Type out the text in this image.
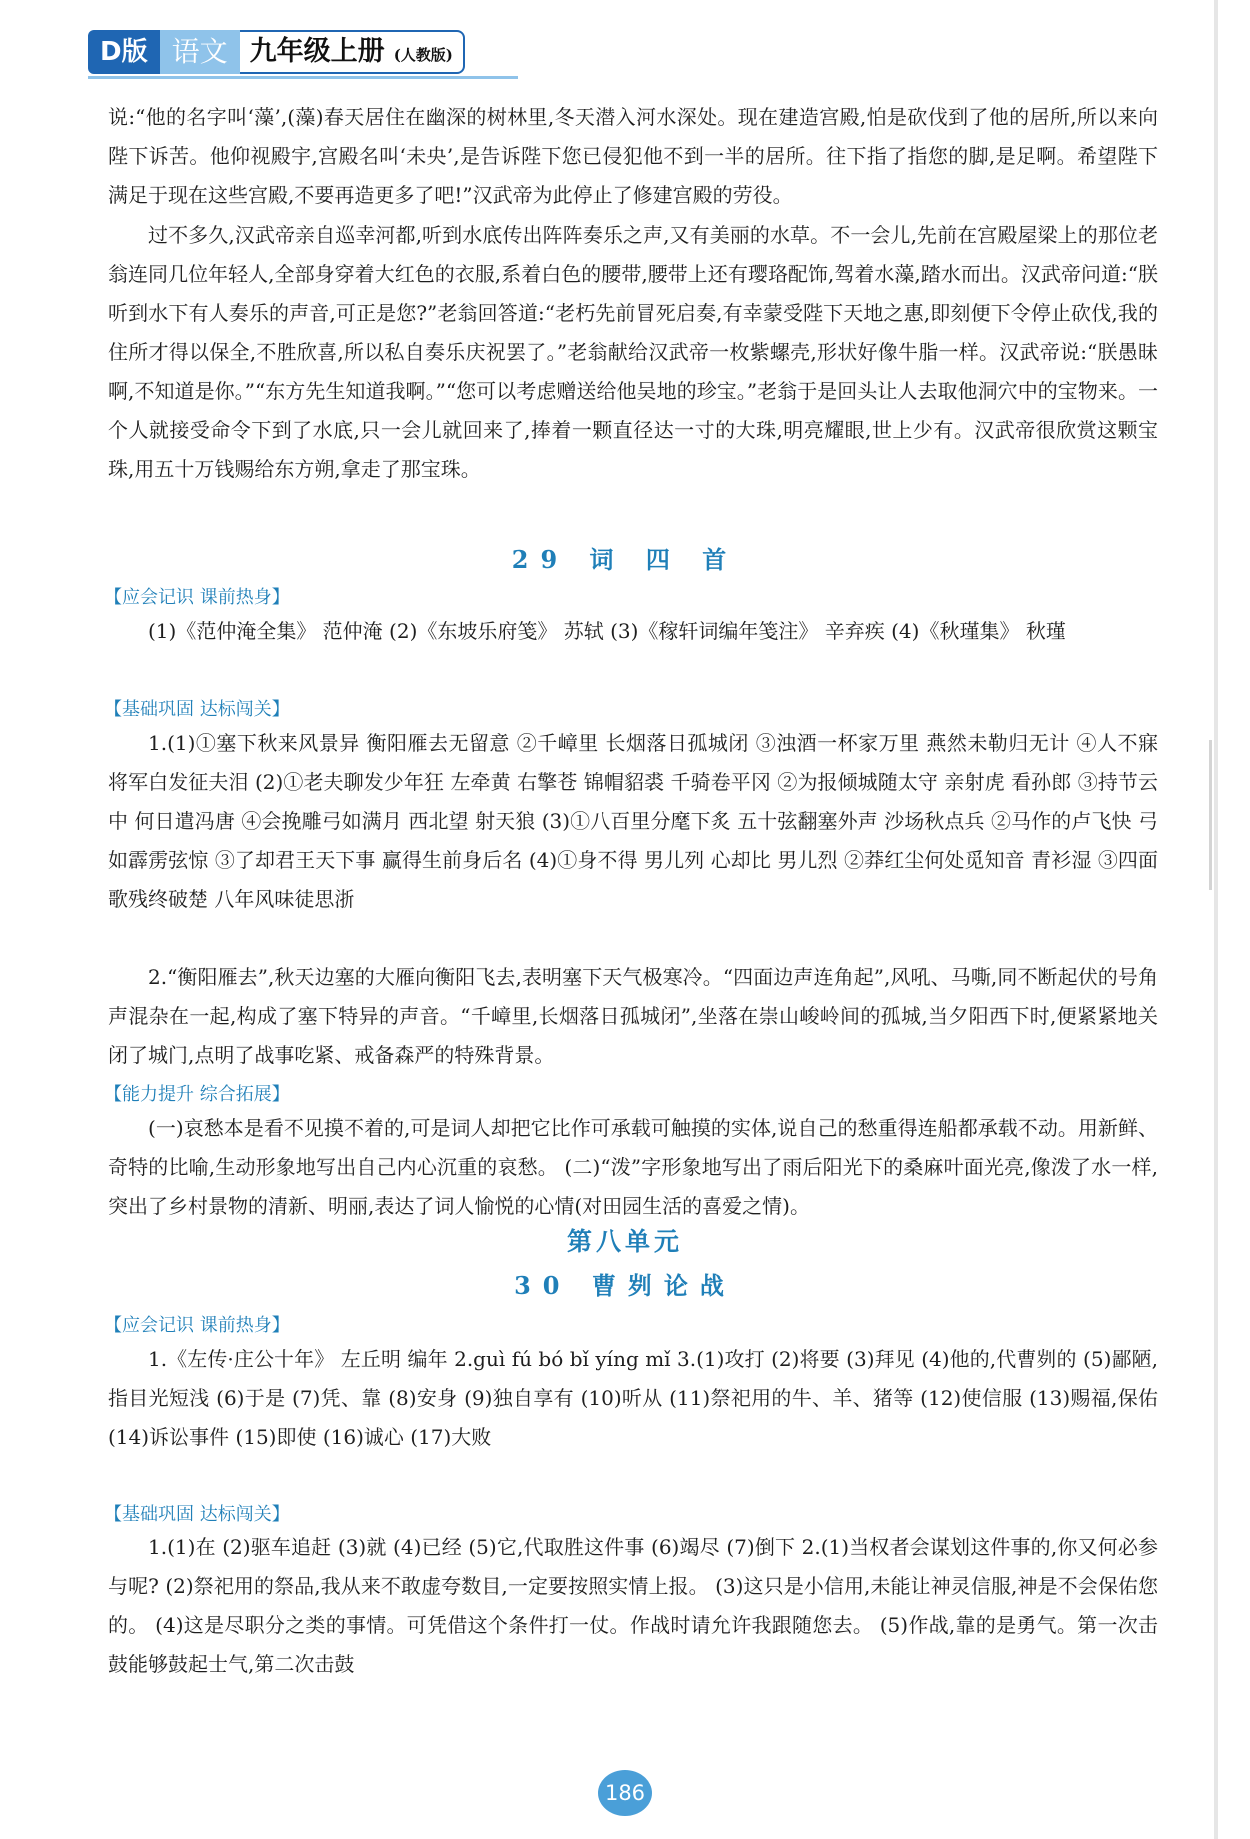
D版 语文 九年级上册 (人教版)

说:“他的名字叫‘藻’,(藻)春天居住在幽深的树林里,冬天潜入河水深处。现在建造宫殿,怕是砍伐到了他的居所,所以来向陛下诉苦。他仰视殿宇,宫殿名叫‘未央’,是告诉陛下您已侵犯他不到一半的居所。往下指了指您的脚,是足啊。希望陛下满足于现在这些宫殿,不要再造更多了吧!”汉武帝为此停止了修建宫殿的劳役。

过不多久,汉武帝亲自巡幸河都,听到水底传出阵阵奏乐之声,又有美丽的水草。不一会儿,先前在宫殿屋梁上的那位老翁连同几位年轻人,全部身穿着大红色的衣服,系着白色的腰带,腰带上还有璎珞配饰,驾着水藻,踏水而出。汉武帝问道:“朕听到水下有人奏乐的声音,可正是您?”老翁回答道:“老朽先前冒死启奏,有幸蒙受陛下天地之惠,即刻便下令停止砍伐,我的住所才得以保全,不胜欣喜,所以私自奏乐庆祝罢了。”老翁献给汉武帝一枚紫螺壳,形状好像牛脂一样。汉武帝说:“朕愚昧啊,不知道是你。”“东方先生知道我啊。”“您可以考虑赠送给他吴地的珍宝。”老翁于是回头让人去取他洞穴中的宝物来。一个人就接受命令下到了水底,只一会儿就回来了,捧着一颗直径达一寸的大珠,明亮耀眼,世上少有。汉武帝很欣赏这颗宝珠,用五十万钱赐给东方朔,拿走了那宝珠。

29 词 四 首

【应会记识 课前热身】

(1)《范仲淹全集》 范仲淹 (2)《东坡乐府笺》 苏轼 (3)《稼轩词编年笺注》 辛弃疾 (4)《秋瑾集》 秋瑾

【基础巩固 达标闯关】

1.(1)①塞下秋来风景异 衡阳雁去无留意 ②千嶂里 长烟落日孤城闭 ③浊酒一杯家万里 燕然未勒归无计 ④人不寐 将军白发征夫泪 (2)①老夫聊发少年狂 左牵黄 右擎苍 锦帽貂裘 千骑卷平冈 ②为报倾城随太守 亲射虎 看孙郎 ③持节云中 何日遣冯唐 ④会挽雕弓如满月 西北望 射天狼 (3)①八百里分麾下炙 五十弦翻塞外声 沙场秋点兵 ②马作的卢飞快 弓如霹雳弦惊 ③了却君王天下事 赢得生前身后名 (4)①身不得 男儿列 心却比 男儿烈 ②莽红尘何处觅知音 青衫湿 ③四面歌残终破楚 八年风味徒思浙

2.“衡阳雁去”,秋天边塞的大雁向衡阳飞去,表明塞下天气极寒冷。“四面边声连角起”,风吼、马嘶,同不断起伏的号角声混杂在一起,构成了塞下特异的声音。“千嶂里,长烟落日孤城闭”,坐落在崇山峻岭间的孤城,当夕阳西下时,便紧紧地关闭了城门,点明了战事吃紧、戒备森严的特殊背景。

【能力提升 综合拓展】

(一)哀愁本是看不见摸不着的,可是词人却把它比作可承载可触摸的实体,说自己的愁重得连船都承载不动。用新鲜、奇特的比喻,生动形象地写出自己内心沉重的哀愁。 (二)“泼”字形象地写出了雨后阳光下的桑麻叶面光亮,像泼了水一样,突出了乡村景物的清新、明丽,表达了词人愉悦的心情(对田园生活的喜爱之情)。

第八单元
30 曹刿论战

【应会记识 课前热身】

1.《左传·庄公十年》 左丘明 编年 2.guì fú bó bǐ yíng mǐ 3.(1)攻打 (2)将要 (3)拜见 (4)他的,代曹刿的 (5)鄙陋,指目光短浅 (6)于是 (7)凭、靠 (8)安身 (9)独自享有 (10)听从 (11)祭祀用的牛、羊、猪等 (12)使信服 (13)赐福,保佑 (14)诉讼事件 (15)即使 (16)诚心 (17)大败

【基础巩固 达标闯关】

1.(1)在 (2)驱车追赶 (3)就 (4)已经 (5)它,代取胜这件事 (6)竭尽 (7)倒下 2.(1)当权者会谋划这件事的,你又何必参与呢? (2)祭祀用的祭品,我从来不敢虚夸数目,一定要按照实情上报。 (3)这只是小信用,未能让神灵信服,神是不会保佑您的。 (4)这是尽职分之类的事情。可凭借这个条件打一仗。作战时请允许我跟随您去。 (5)作战,靠的是勇气。第一次击鼓能够鼓起士气,第二次击鼓

186
